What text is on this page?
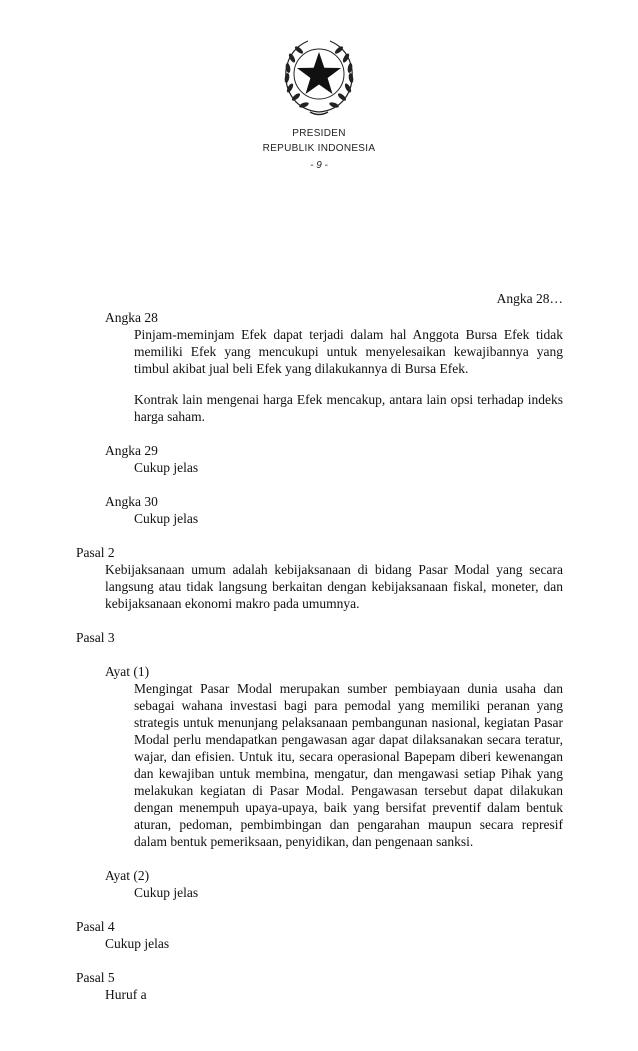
PRESIDEN
REPUBLIK INDONESIA
- 9 -
Angka 28…
Angka 28
Pinjam-meminjam Efek dapat terjadi dalam hal Anggota Bursa Efek tidak memiliki Efek yang mencukupi untuk menyelesaikan kewajibannya yang timbul akibat jual beli Efek yang dilakukannya di Bursa Efek.
Kontrak lain mengenai harga Efek mencakup, antara lain opsi terhadap indeks harga saham.
Angka 29
Cukup jelas
Angka 30
Cukup jelas
Pasal 2
Kebijaksanaan umum adalah kebijaksanaan di bidang Pasar Modal yang secara langsung atau tidak langsung berkaitan dengan kebijaksanaan fiskal, moneter, dan kebijaksanaan ekonomi makro pada umumnya.
Pasal 3
Ayat (1)
Mengingat Pasar Modal merupakan sumber pembiayaan dunia usaha dan sebagai wahana investasi bagi para pemodal yang memiliki peranan yang strategis untuk menunjang pelaksanaan pembangunan nasional, kegiatan Pasar Modal perlu mendapatkan pengawasan agar dapat dilaksanakan secara teratur, wajar, dan efisien. Untuk itu, secara operasional Bapepam diberi kewenangan dan kewajiban untuk membina, mengatur, dan mengawasi setiap Pihak yang melakukan kegiatan di Pasar Modal. Pengawasan tersebut dapat dilakukan dengan menempuh upaya-upaya, baik yang bersifat preventif dalam bentuk aturan, pedoman, pembimbingan dan pengarahan maupun secara represif dalam bentuk pemeriksaan, penyidikan, dan pengenaan sanksi.
Ayat (2)
Cukup jelas
Pasal 4
Cukup jelas
Pasal 5
Huruf a
